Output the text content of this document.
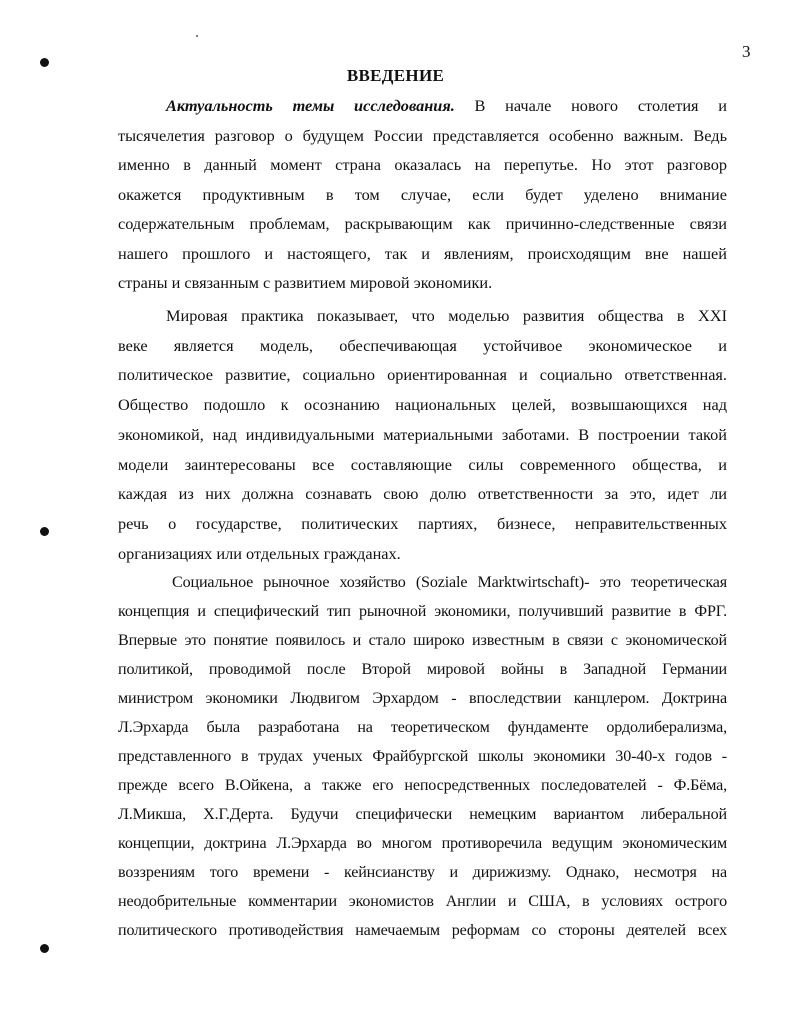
3
ВВЕДЕНИЕ
Актуальность темы исследования. В начале нового столетия и
тысячелетия разговор о будущем России представляется особенно важным. Ведь
именно в данный момент страна оказалась на перепутье. Но этот разговор
окажется продуктивным в том случае, если будет уделено внимание
содержательным проблемам, раскрывающим как причинно-следственные связи
нашего прошлого и настоящего, так и явлениям, происходящим вне нашей
страны и связанным с развитием мировой экономики.
Мировая практика показывает, что моделью развития общества в XXI
веке является модель, обеспечивающая устойчивое экономическое и
политическое развитие, социально ориентированная и социально ответственная.
Общество подошло к осознанию национальных целей, возвышающихся над
экономикой, над индивидуальными материальными заботами. В построении такой
модели заинтересованы все составляющие силы современного общества, и
каждая из них должна сознавать свою долю ответственности за это, идет ли
речь о государстве, политических партиях, бизнесе, неправительственных
организациях или отдельных гражданах.
Социальное рыночное хозяйство (Soziale Marktwirtschaft)- это теоретическая
концепция и специфический тип рыночной экономики, получивший развитие в ФРГ.
Впервые это понятие появилось и стало широко известным в связи с экономической
политикой, проводимой после Второй мировой войны в Западной Германии
министром экономики Людвигом Эрхардом - впоследствии канцлером. Доктрина
Л.Эрхарда была разработана на теоретическом фундаменте ордолиберализма,
представленного в трудах ученых Фрайбургской школы экономики 30-40-х годов -
прежде всего В.Ойкена, а также его непосредственных последователей - Ф.Бёма,
Л.Микша, Х.Г.Дерта. Будучи специфически немецким вариантом либеральной
концепции, доктрина Л.Эрхарда во многом противоречила ведущим экономическим
воззрениям того времени - кейнсианству и дирижизму. Однако, несмотря на
неодобрительные комментарии экономистов Англии и США, в условиях острого
политического противодействия намечаемым реформам со стороны деятелей всех
